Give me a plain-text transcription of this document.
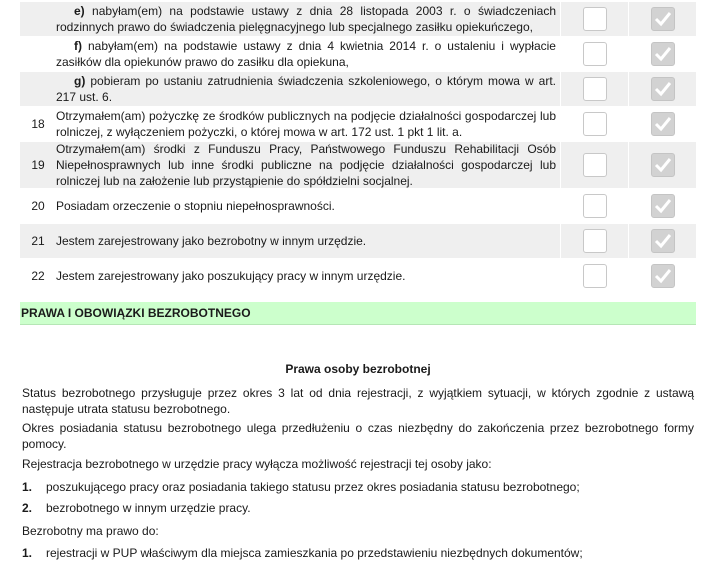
e) nabyłam(em) na podstawie ustawy z dnia 28 listopada 2003 r. o świadczeniach rodzinnych prawo do świadczenia pielęgnacyjnego lub specjalnego zasiłku opiekuńczego,
f) nabyłam(em) na podstawie ustawy z dnia 4 kwietnia 2014 r. o ustaleniu i wypłacie zasiłków dla opiekunów prawo do zasiłku dla opiekuna,
g) pobieram po ustaniu zatrudnienia świadczenia szkoleniowego, o którym mowa w art. 217 ust. 6.
18
Otrzymałem(am) pożyczkę ze środków publicznych na podjęcie działalności gospodarczej lub rolniczej, z wyłączeniem pożyczki, o której mowa w art. 172 ust. 1 pkt 1 lit. a.
19
Otrzymałem(am) środki z Funduszu Pracy, Państwowego Funduszu Rehabilitacji Osób Niepełnosprawnych lub inne środki publiczne na podjęcie działalności gospodarczej lub rolniczej lub na założenie lub przystąpienie do spółdzielni socjalnej.
20 Posiadam orzeczenie o stopniu niepełnosprawności.
21 Jestem zarejestrowany jako bezrobotny w innym urzędzie.
22 Jestem zarejestrowany jako poszukujący pracy w innym urzędzie.
PRAWA I OBOWIĄZKI BEZROBOTNEGO
Prawa osoby bezrobotnej
Status bezrobotnego przysługuje przez okres 3 lat od dnia rejestracji, z wyjątkiem sytuacji, w których zgodnie z ustawą następuje utrata statusu bezrobotnego.
Okres posiadania statusu bezrobotnego ulega przedłużeniu o czas niezbędny do zakończenia przez bezrobotnego formy pomocy.
Rejestracja bezrobotnego w urzędzie pracy wyłącza możliwość rejestracji tej osoby jako:
1. poszukującego pracy oraz posiadania takiego statusu przez okres posiadania statusu bezrobotnego;
2. bezrobotnego w innym urzędzie pracy.
Bezrobotny ma prawo do:
1. rejestracji w PUP właściwym dla miejsca zamieszkania po przedstawieniu niezbędnych dokumentów;
